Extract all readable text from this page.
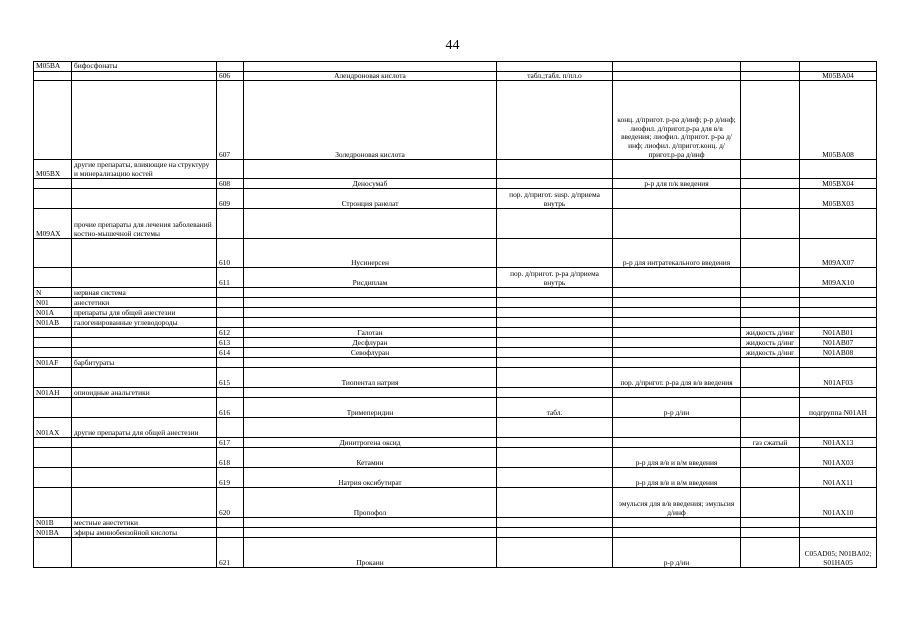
44
M05BA	бифосфонаты						
		606	Алендроновая кислота	табл.;табл. п/пл.о			M05BA04
		607	Золедроновая кислота		конц. д/пригот. р-ра д/инф; р-р д/инф; лиофил. д/пригот.р-ра для в/в введения; лиофил. д/пригот. р-ра д/инф; лиофил. д/пригот.конц. д/пригот.р-ра д/инф		M05BA08
M05BX	другие препараты, влияющие на структуру и минерализацию костей						
		608	Деносумаб		р-р для п/к введения		M05BX04
		609	Стронция ранелат	пор. д/пригот. susp. д/приема внутрь			M05BX03
M09AX	прочие препараты для лечения заболеваний костно-мышечной системы						
		610	Нусинерсен		р-р для интратекального введения		M09AX07
		611	Рисдиплам	пор. д/пригот. р-ра д/приема внутрь			M09AX10
N	нервная система						
N01	анестетики						
N01A	препараты для общей анестезии						
N01AB	галогенированные углеводороды						
		612	Галотан			жидкость д/инг	N01AB01
		613	Десфлуран			жидкость д/инг	N01AB07
		614	Севофлуран			жидкость д/инг	N01AB08
N01AF	барбитураты						
		615	Тиопентал натрия		пор. д/пригот. р-ра для в/в введения		N01AF03
N01AH	опиоидные анальгетики						
		616	Тримеперидин	табл.	р-р д/ин		подгруппа N01AH
N01AX	другие препараты для общей анестезии						
		617	Динитрогена оксид			газ сжатый	N01AX13
		618	Кетамин		р-р для в/в и в/м введения		N01AX03
		619	Натрия оксибутират		р-р для в/в и в/м введения		N01AX11
		620	Пропофол		эмульсия для в/в введения; эмульсия д/инф		N01AX10
N01B	местные анестетики						
N01BA	эфиры аминобензойной кислоты						
		621	Прокаин		р-р д/ин		C05AD05; N01BA02; S01HA05
